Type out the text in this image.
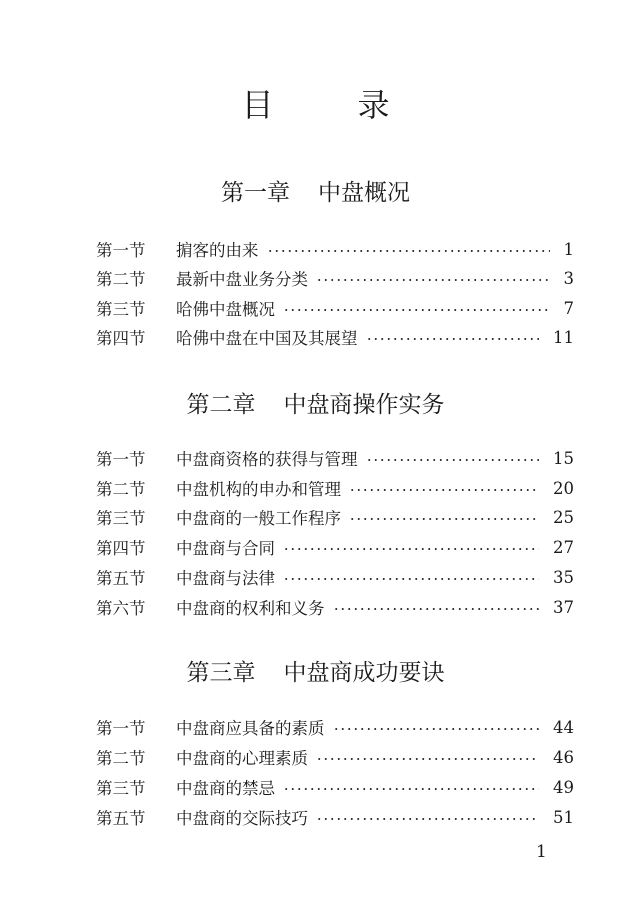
目	录
第一章 中盘概况
第一节	掮客的由来	1
第二节	最新中盘业务分类	3
第三节	哈佛中盘概况	7
第四节	哈佛中盘在中国及其展望	11
第二章 中盘商操作实务
第一节	中盘商资格的获得与管理	15
第二节	中盘机构的申办和管理	20
第三节	中盘商的一般工作程序	25
第四节	中盘商与合同	27
第五节	中盘商与法律	35
第六节	中盘商的权利和义务	37
第三章 中盘商成功要诀
第一节	中盘商应具备的素质	44
第二节	中盘商的心理素质	46
第三节	中盘商的禁忌	49
第五节	中盘商的交际技巧	51
1
